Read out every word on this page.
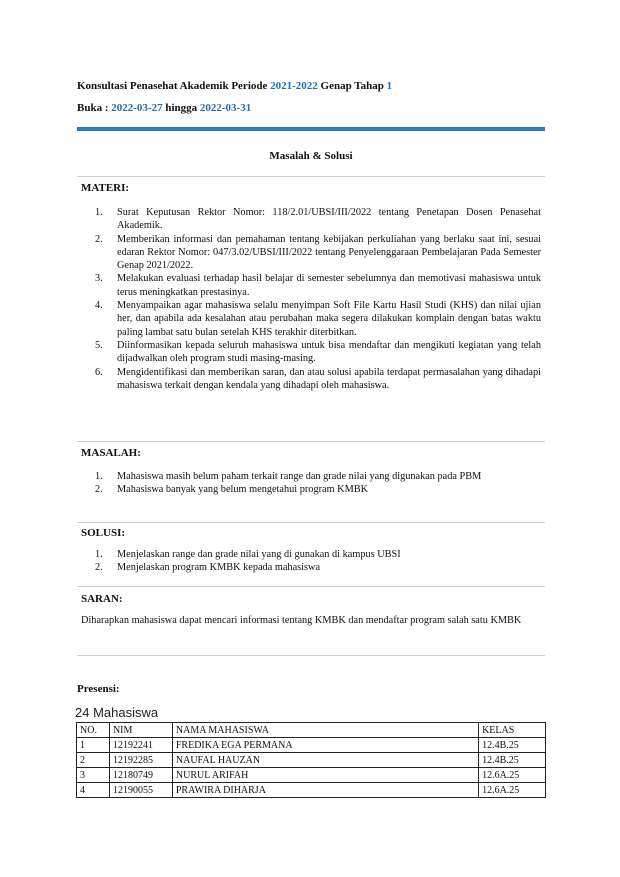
Konsultasi Penasehat Akademik Periode 2021-2022 Genap Tahap 1
Buka : 2022-03-27 hingga 2022-03-31
Masalah & Solusi
MATERI:
1. Surat Keputusan Rektor Nomor: 118/2.01/UBSI/III/2022 tentang Penetapan Dosen Penasehat Akademik.
2. Memberikan informasi dan pemahaman tentang kebijakan perkuliahan yang berlaku saat ini, sesuai edaran Rektor Nomor: 047/3.02/UBSI/III/2022 tentang Penyelenggaraan Pembelajaran Pada Semester Genap 2021/2022.
3. Melakukan evaluasi terhadap hasil belajar di semester sebelumnya dan memotivasi mahasiswa untuk terus meningkatkan prestasinya.
4. Menyampaikan agar mahasiswa selalu menyimpan Soft File Kartu Hasil Studi (KHS) dan nilai ujian her, dan apabila ada kesalahan atau perubahan maka segera dilakukan komplain dengan batas waktu paling lambat satu bulan setelah KHS terakhir diterbitkan.
5. Diinformasikan kepada seluruh mahasiswa untuk bisa mendaftar dan mengikuti kegiatan yang telah dijadwalkan oleh program studi masing-masing.
6. Mengidentifikasi dan memberikan saran, dan atau solusi apabila terdapat permasalahan yang dihadapi mahasiswa terkait dengan kendala yang dihadapi oleh mahasiswa.
MASALAH:
1. Mahasiswa masih belum paham terkait range dan grade nilai yang digunakan pada PBM
2. Mahasiswa banyak yang belum mengetahui program KMBK
SOLUSI:
1. Menjelaskan range dan grade nilai yang di gunakan di kampus UBSI
2. Menjelaskan program KMBK kepada mahasiswa
SARAN:
Diharapkan mahasiswa dapat mencari informasi tentang KMBK dan mendaftar program salah satu KMBK
Presensi:
24 Mahasiswa
NO.	NIM	NAMA MAHASISWA	KELAS
1	12192241	FREDIKA EGA PERMANA	12.4B.25
2	12192285	NAUFAL HAUZAN	12.4B.25
3	12180749	NURUL ARIFAH	12.6A.25
4	12190055	PRAWIRA DIHARJA	12.6A.25
